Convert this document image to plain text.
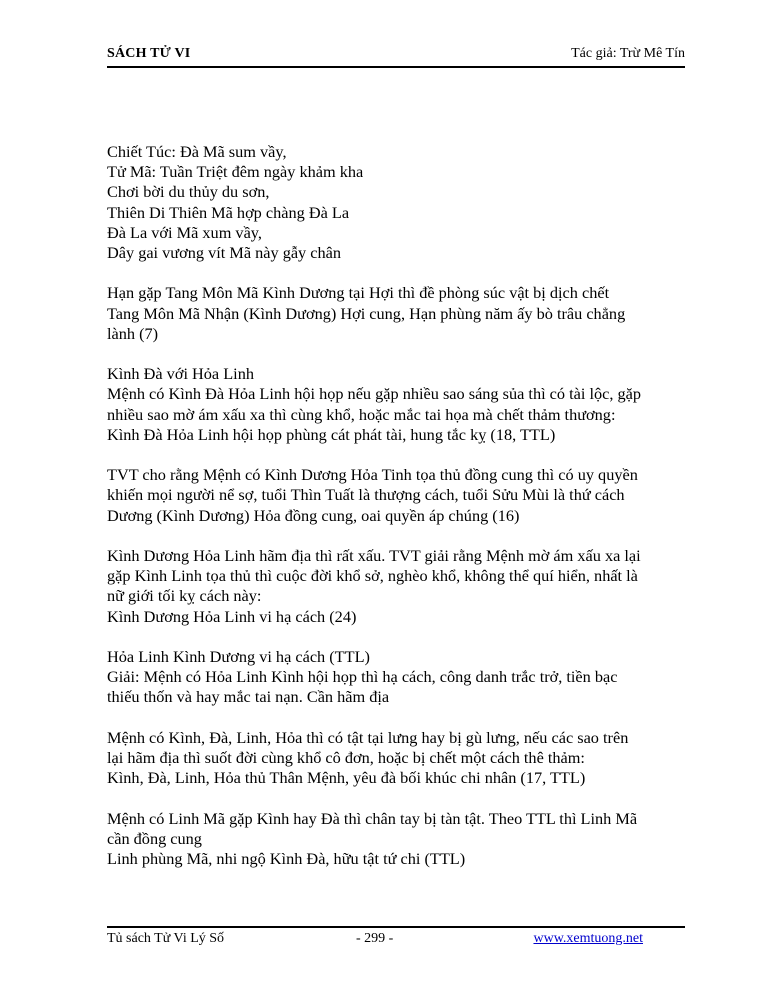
SÁCH TỬ VI	Tác giả: Trừ Mê Tín

Chiết Túc: Đà Mã sum vầy,
Tử Mã: Tuần Triệt đêm ngày khảm kha
Chơi bời du thủy du sơn,
Thiên Di Thiên Mã hợp chàng Đà La
Đà La với Mã xum vầy,
Dây gai vương vít Mã này gẫy chân

Hạn gặp Tang Môn Mã Kình Dương tại Hợi thì đề phòng súc vật bị dịch chết
Tang Môn Mã Nhận (Kình Dương) Hợi cung, Hạn phùng năm ấy bò trâu chẳng
lành (7)

Kình Đà với Hỏa Linh
Mệnh có Kình Đà Hỏa Linh hội họp nếu gặp nhiều sao sáng sủa thì có tài lộc, gặp
nhiều sao mờ ám xấu xa thì cùng khổ, hoặc mắc tai họa mà chết thảm thương:
Kình Đà Hỏa Linh hội họp phùng cát phát tài, hung tắc kỵ (18, TTL)

TVT cho rằng Mệnh có Kình Dương Hỏa Tinh tọa thủ đồng cung thì có uy quyền
khiến mọi người nể sợ, tuổi Thìn Tuất là thượng cách, tuổi Sửu Mùi là thứ cách
Dương (Kình Dương) Hỏa đồng cung, oai quyền áp chúng (16)

Kình Dương Hỏa Linh hãm địa thì rất xấu. TVT giải rằng Mệnh mờ ám xấu xa lại
gặp Kình Linh tọa thủ thì cuộc đời khổ sở, nghèo khổ, không thể quí hiển, nhất là
nữ giới tối kỵ cách này:
Kình Dương Hỏa Linh vi hạ cách (24)

Hỏa Linh Kình Dương vi hạ cách (TTL)
Giải: Mệnh có Hỏa Linh Kình hội họp thì hạ cách, công danh trắc trở, tiền bạc
thiếu thốn và hay mắc tai nạn. Cần hãm địa

Mệnh có Kình, Đà, Linh, Hỏa thì có tật tại lưng hay bị gù lưng, nếu các sao trên
lại hãm địa thì suốt đời cùng khổ cô đơn, hoặc bị chết một cách thê thảm:
Kình, Đà, Linh, Hỏa thủ Thân Mệnh, yêu đà bối khúc chi nhân (17, TTL)

Mệnh có Linh Mã gặp Kình hay Đà thì chân tay bị tàn tật. Theo TTL thì Linh Mã
cần đồng cung
Linh phùng Mã, nhi ngộ Kình Đà, hữu tật tứ chi (TTL)

Tủ sách Tử Vi Lý Số	- 299 -	www.xemtuong.net
